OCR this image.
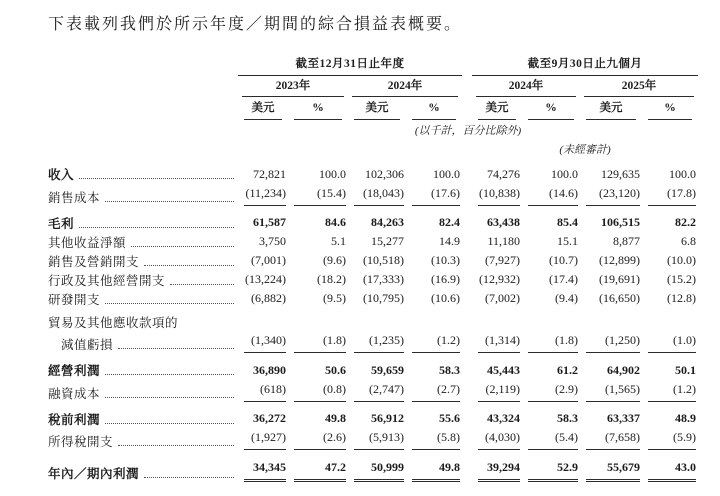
下表載列我們於所示年度／期間的綜合損益表概要。

	截至12月31日止年度					截至9月30日止九個月			

	2023年		2024年			2024年		2025年	

	美元	%	美元	%		美元	%	美元	%

(以千計，百分比除外)									

(未經審計)									

收入	72,821	100.0	102,306	100.0		74,276	100.0	129,635	100.0

銷售成本	(11,234)	(15.4)	(18,043)	(17.6)		(10,838)	(14.6)	(23,120)	(17.8)

毛利	61,587	84.6	84,263	82.4		63,438	85.4	106,515	82.2

其他收益淨額	3,750	5.1	15,277	14.9		11,180	15.1	8,877	6.8

銷售及營銷開支	(7,001)	(9.6)	(10,518)	(10.3)		(7,927)	(10.7)	(12,899)	(10.0)

行政及其他經營開支	(13,224)	(18.2)	(17,333)	(16.9)		(12,932)	(17.4)	(19,691)	(15.2)

研發開支	(6,882)	(9.5)	(10,795)	(10.6)		(7,002)	(9.4)	(16,650)	(12.8)

貿易及其他應收款項的									

減值虧損	(1,340)	(1.8)	(1,235)	(1.2)		(1,314)	(1.8)	(1,250)	(1.0)

經營利潤	36,890	50.6	59,659	58.3		45,443	61.2	64,902	50.1

融資成本	(618)	(0.8)	(2,747)	(2.7)		(2,119)	(2.9)	(1,565)	(1.2)

稅前利潤	36,272	49.8	56,912	55.6		43,324	58.3	63,337	48.9

所得稅開支	(1,927)	(2.6)	(5,913)	(5.8)		(4,030)	(5.4)	(7,658)	(5.9)

年內／期內利潤	34,345	47.2	50,999	49.8		39,294	52.9	55,679	43.0
